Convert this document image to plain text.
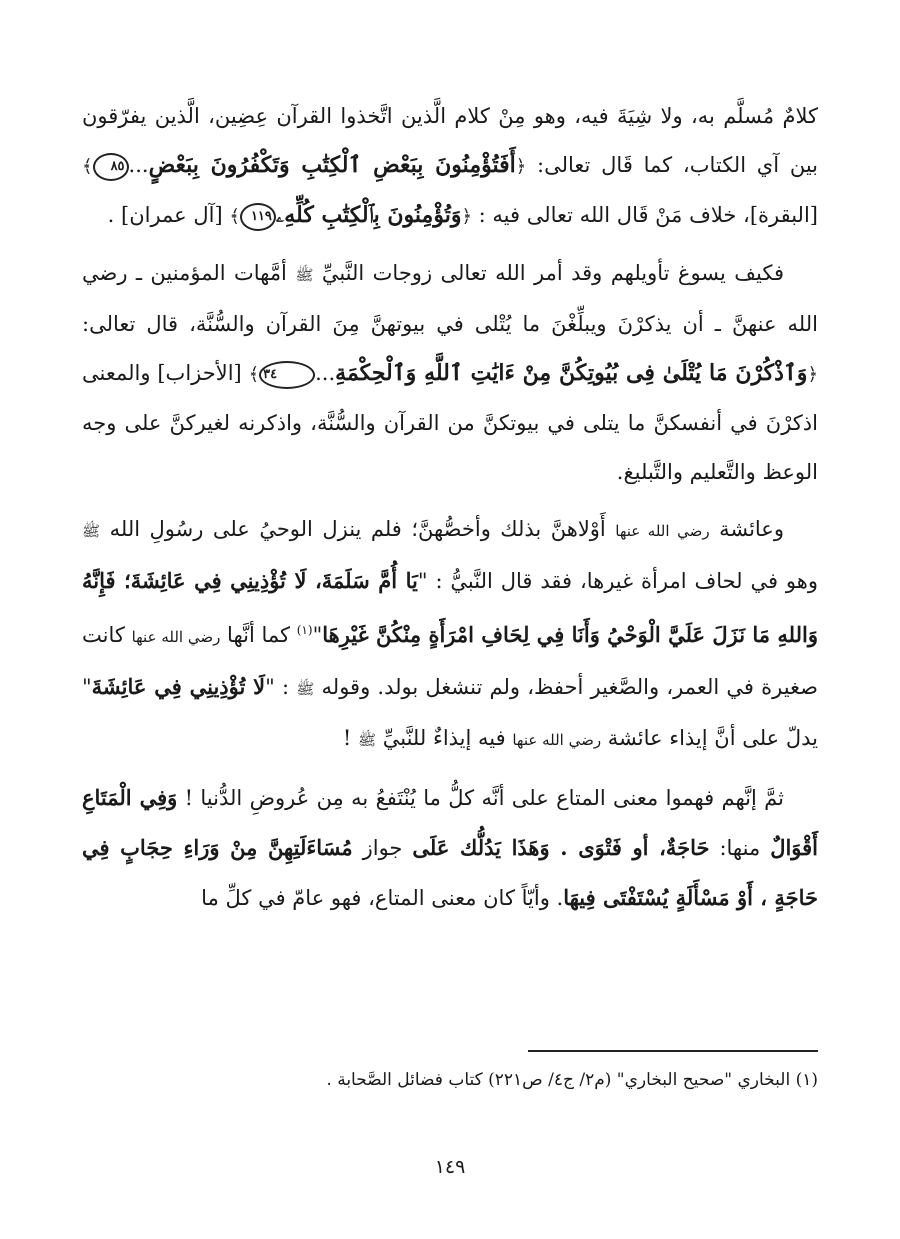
كلامٌ مُسلَّم به، ولا شِيَةَ فيه، وهو مِنْ كلام الَّذين اتَّخذوا القرآن عِضِين، الَّذين يفرّقون بين آي الكتاب، كما قَال تعالى: ﴿أَفَتُؤْمِنُونَ بِبَعْضِ ٱلْكِتَٰبِ وَتَكْفُرُونَ بِبَعْضٍ...٨٥﴾ [البقرة]، خلاف مَنْ قَال الله تعالى فيه : ﴿وَتُؤْمِنُونَ بِٱلْكِتَٰبِ كُلِّهِۦ١١٩﴾ [آل عمران] .

فكيف يسوغ تأويلهم وقد أمر الله تعالى زوجات النَّبيِّ ﷺ أمَّهات المؤمنين ـ رضي الله عنهنَّ ـ أن يذكرْنَ ويبلِّغْنَ ما يُتْلى في بيوتهنَّ مِنَ القرآن والسُّنَّة، قال تعالى: ﴿وَٱذْكُرْنَ مَا يُتْلَىٰ فِى بُيُوتِكُنَّ مِنْ ءَايَٰتِ ٱللَّهِ وَٱلْحِكْمَةِ...٣٤﴾ [الأحزاب] والمعنى اذكرْنَ في أنفسكنَّ ما يتلى في بيوتكنَّ من القرآن والسُّنَّة، واذكرنه لغيركنَّ على وجه الوعظ والتَّعليم والتَّبليغ.

وعائشة رضي الله عنها أَوْلاهنَّ بذلك وأخصُّهنَّ؛ فلم ينزل الوحيُ على رسُولِ الله ﷺ وهو في لحاف امرأة غيرها، فقد قال النَّبيُّ : "يَا أُمَّ سَلَمَةَ، لَا تُؤْذِينِي فِي عَائِشَةَ؛ فَإِنَّهُ وَاللهِ مَا نَزَلَ عَلَيَّ الْوَحْيُ وَأَنَا فِي لِحَافِ امْرَأَةٍ مِنْكُنَّ غَيْرِهَا"$^{(١)}$ كما أنَّها رضي الله عنها كانت صغيرة في العمر، والصَّغير أحفظ، ولم تنشغل بولد. وقوله ﷺ : "لَا تُؤْذِينِي فِي عَائِشَةَ" يدلّ على أنَّ إيذاء عائشة رضي الله عنها فيه إيذاءٌ للنَّبيِّ ﷺ !

ثمَّ إنَّهم فهموا معنى المتاع على أنَّه كلُّ ما يُنْتَفعُ به مِن عُروضِ الدُّنيا ! وَفِي الْمَتَاعِ أَقْوَالٌ منها: حَاجَةٌ، أو فَتْوَى . وَهَذَا يَدُلُّك عَلَى جواز مُسَاءَلَتِهِنَّ مِنْ وَرَاءِ حِجَابٍ فِي حَاجَةٍ ، أَوْ مَسْأَلَةٍ يُسْتَفْتَى فِيهَا. وأيّاً كان معنى المتاع، فهو عامّ في كلِّ ما

(١) البخاري "صحيح البخاري" (م٢/ ج٤/ ص٢٢١) كتاب فضائل الصَّحابة .
١٤٩
